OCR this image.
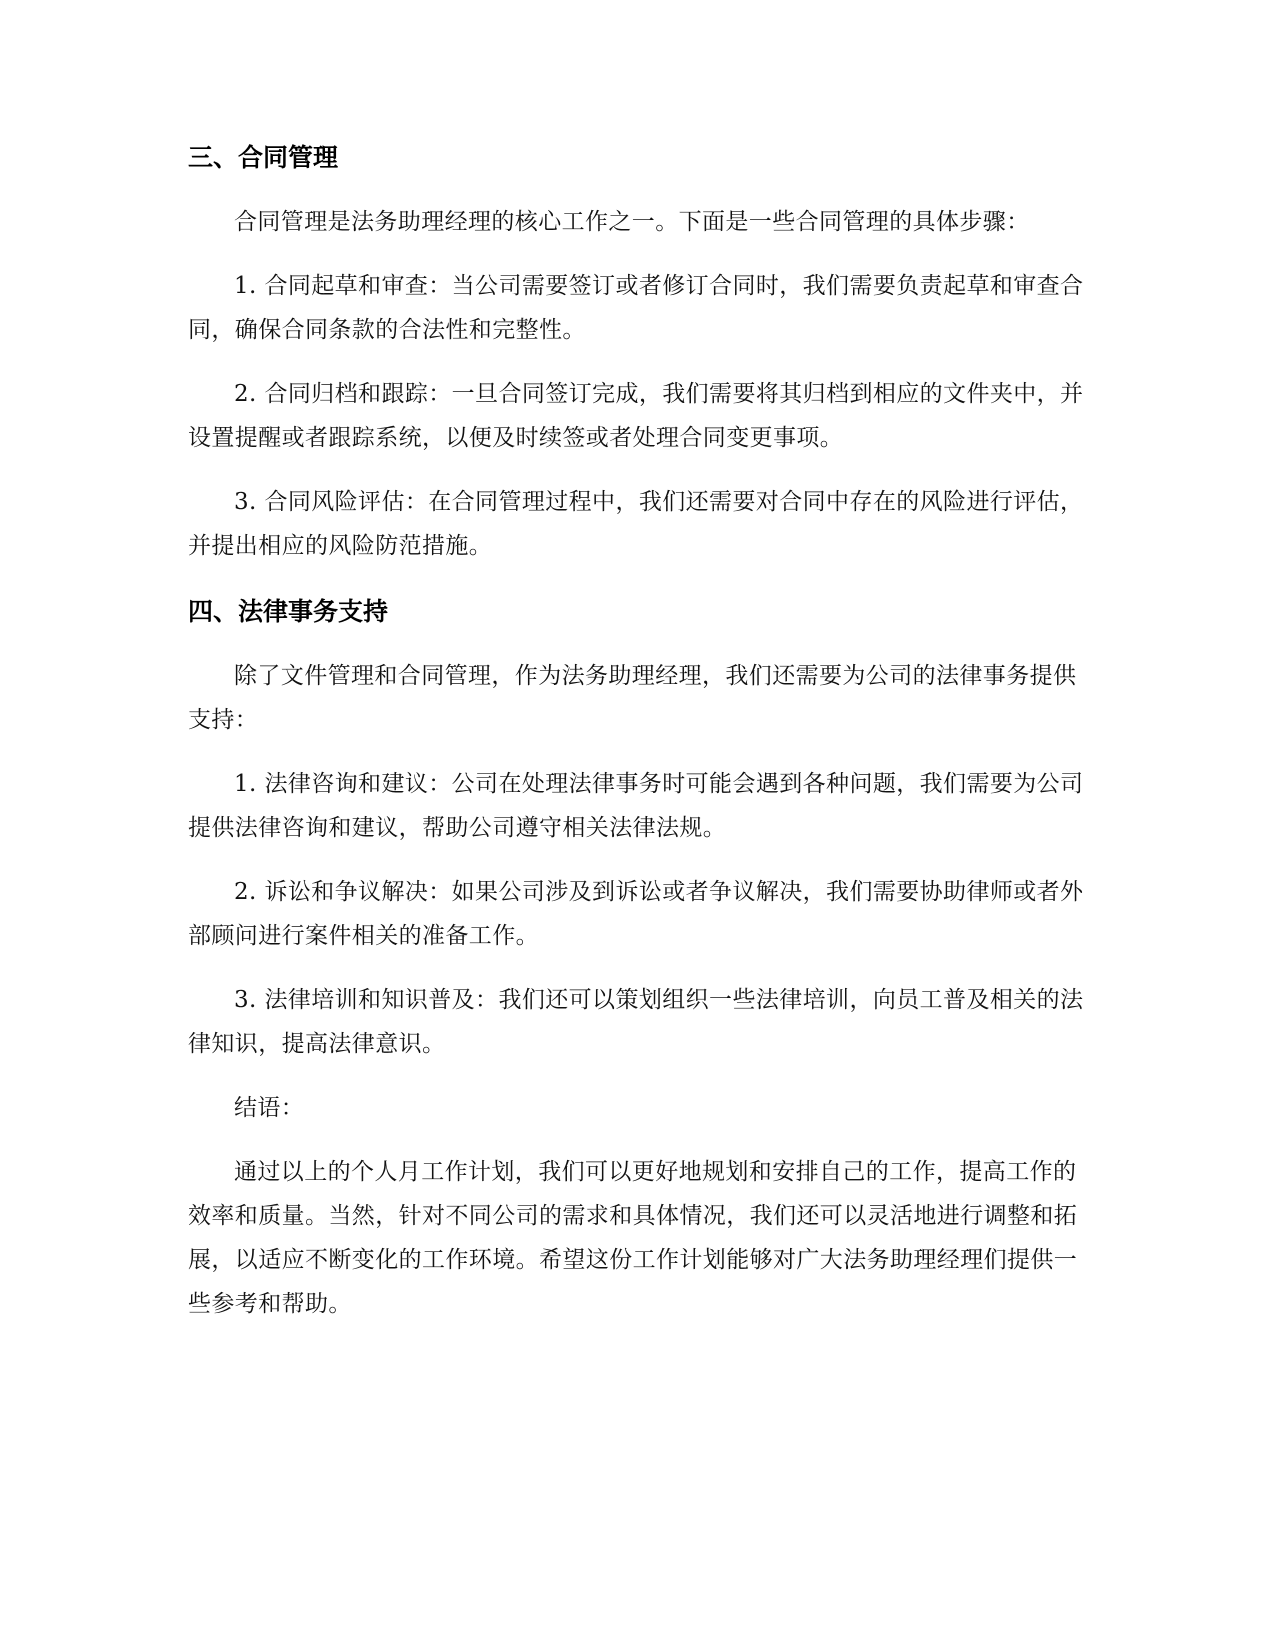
三、合同管理

合同管理是法务助理经理的核心工作之一。下面是一些合同管理的具体步骤：

1. 合同起草和审查：当公司需要签订或者修订合同时，我们需要负责起草和审查合同，确保合同条款的合法性和完整性。

2. 合同归档和跟踪：一旦合同签订完成，我们需要将其归档到相应的文件夹中，并设置提醒或者跟踪系统，以便及时续签或者处理合同变更事项。

3. 合同风险评估：在合同管理过程中，我们还需要对合同中存在的风险进行评估，并提出相应的风险防范措施。

四、法律事务支持

除了文件管理和合同管理，作为法务助理经理，我们还需要为公司的法律事务提供支持：

1. 法律咨询和建议：公司在处理法律事务时可能会遇到各种问题，我们需要为公司提供法律咨询和建议，帮助公司遵守相关法律法规。

2. 诉讼和争议解决：如果公司涉及到诉讼或者争议解决，我们需要协助律师或者外部顾问进行案件相关的准备工作。

3. 法律培训和知识普及：我们还可以策划组织一些法律培训，向员工普及相关的法律知识，提高法律意识。

结语：

通过以上的个人月工作计划，我们可以更好地规划和安排自己的工作，提高工作的效率和质量。当然，针对不同公司的需求和具体情况，我们还可以灵活地进行调整和拓展，以适应不断变化的工作环境。希望这份工作计划能够对广大法务助理经理们提供一些参考和帮助。
